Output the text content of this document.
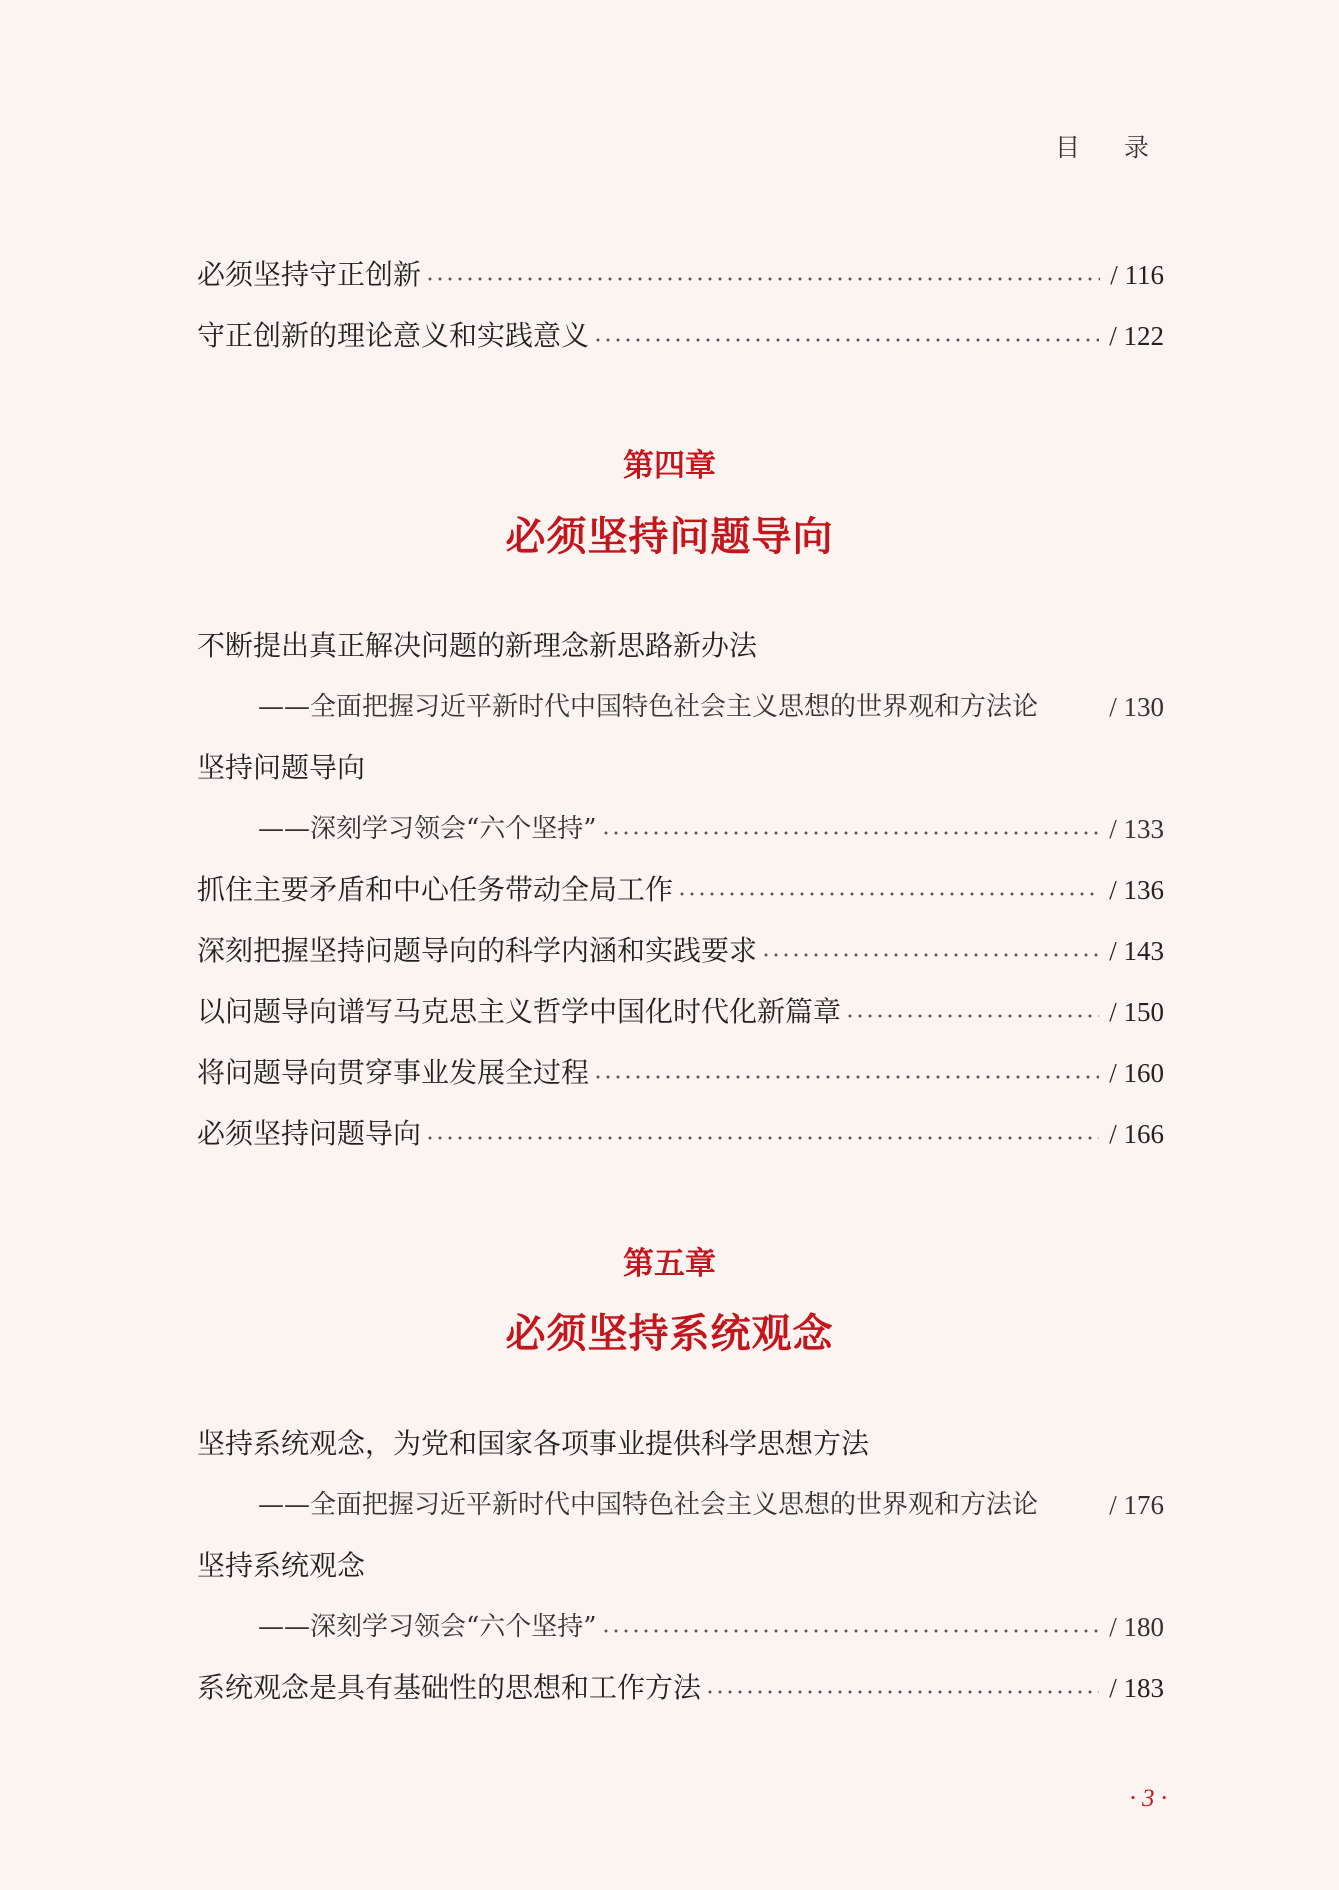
目 录
必须坚持守正创新	/ 116
守正创新的理论意义和实践意义	/ 122
第四章
必须坚持问题导向
不断提出真正解决问题的新理念新思路新办法
——全面把握习近平新时代中国特色社会主义思想的世界观和方法论	/ 130
坚持问题导向
——深刻学习领会“六个坚持”	/ 133
抓住主要矛盾和中心任务带动全局工作	/ 136
深刻把握坚持问题导向的科学内涵和实践要求	/ 143
以问题导向谱写马克思主义哲学中国化时代化新篇章	/ 150
将问题导向贯穿事业发展全过程	/ 160
必须坚持问题导向	/ 166
第五章
必须坚持系统观念
坚持系统观念，为党和国家各项事业提供科学思想方法
——全面把握习近平新时代中国特色社会主义思想的世界观和方法论	/ 176
坚持系统观念
——深刻学习领会“六个坚持”	/ 180
系统观念是具有基础性的思想和工作方法	/ 183
· 3 ·
